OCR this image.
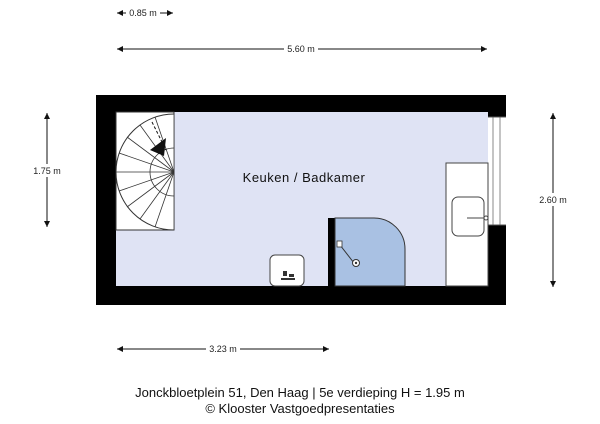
0.85 m
5.60 m
1.75 m
2.60 m
3.23 m
Keuken / Badkamer
Jonckbloetplein 51, Den Haag | 5e verdieping H = 1.95 m
© Klooster Vastgoedpresentaties
